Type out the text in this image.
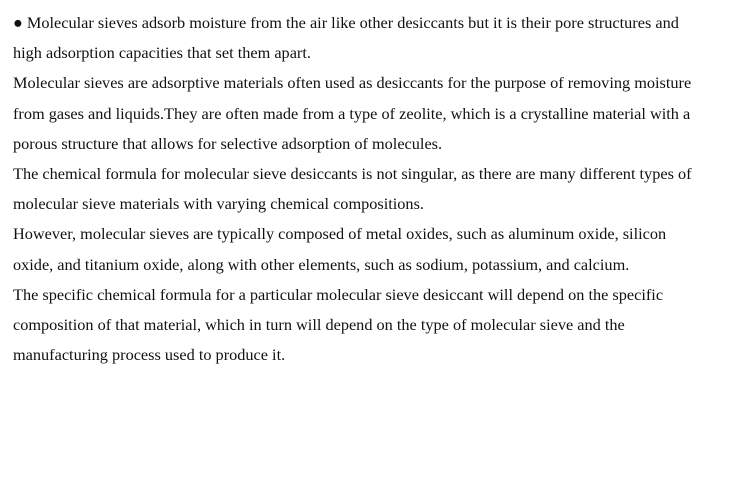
● Molecular sieves adsorb moisture from the air like other desiccants but it is their pore structures and
high adsorption capacities that set them apart.
Molecular sieves are adsorptive materials often used as desiccants for the purpose of removing moisture
from gases and liquids.They are often made from a type of zeolite, which is a crystalline material with a
porous structure that allows for selective adsorption of molecules.
The chemical formula for molecular sieve desiccants is not singular, as there are many different types of
molecular sieve materials with varying chemical compositions.
However, molecular sieves are typically composed of metal oxides, such as aluminum oxide, silicon
oxide, and titanium oxide, along with other elements, such as sodium, potassium, and calcium.
The specific chemical formula for a particular molecular sieve desiccant will depend on the specific
composition of that material, which in turn will depend on the type of molecular sieve and the
manufacturing process used to produce it.
